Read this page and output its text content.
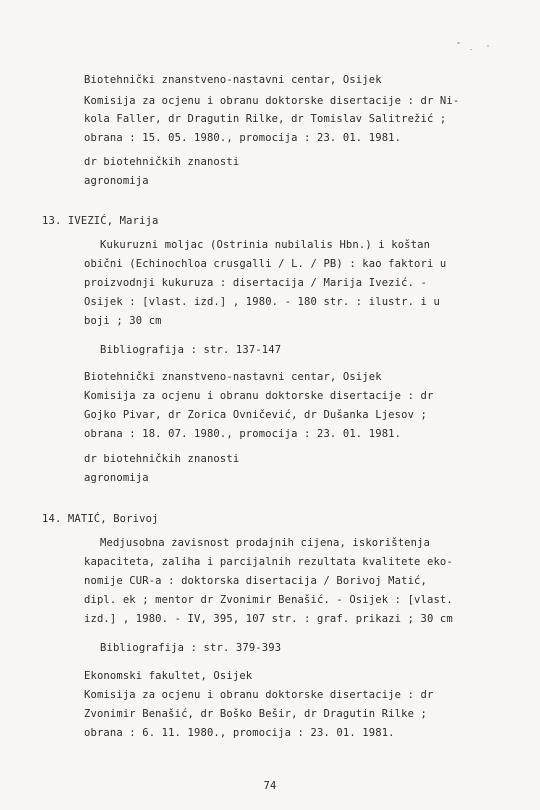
Biotehnički znanstveno-nastavni centar, Osijek
Komisija za ocjenu i obranu doktorske disertacije : dr Ni-
kola Faller, dr Dragutin Rilke, dr Tomislav Salitrežić ;
obrana : 15. 05. 1980., promocija : 23. 01. 1981.
dr biotehničkih znanosti
agronomija
13. IVEZIĆ, Marija
Kukuruzni moljac (Ostrinia nubilalis Hbn.) i koštan
obični (Echinochloa crusgalli / L. / PB) : kao faktori u
proizvodnji kukuruza : disertacija / Marija Ivezić. -
Osijek : [vlast. izd.] , 1980. - 180 str. : ilustr. i u
boji ; 30 cm
Bibliografija : str. 137-147
Biotehnički znanstveno-nastavni centar, Osijek
Komisija za ocjenu i obranu doktorske disertacije : dr
Gojko Pivar, dr Zorica Ovničević, dr Dušanka Ljesov ;
obrana : 18. 07. 1980., promocija : 23. 01. 1981.
dr biotehničkih znanosti
agronomija
14. MATIĆ, Borivoj
Medjusobna zavisnost prodajnih cijena, iskorištenja
kapaciteta, zaliha i parcijalnih rezultata kvalitete eko-
nomije CUR-a : doktorska disertacija / Borivoj Matić,
dipl. ek ; mentor dr Zvonimir Benašić. - Osijek : [vlast.
izd.] , 1980. - IV, 395, 107 str. : graf. prikazi ; 30 cm
Bibliografija : str. 379-393
Ekonomski fakultet, Osijek
Komisija za ocjenu i obranu doktorske disertacije : dr
Zvonimir Benašić, dr Boško Bešir, dr Dragutin Rilke ;
obrana : 6. 11. 1980., promocija : 23. 01. 1981.
74
